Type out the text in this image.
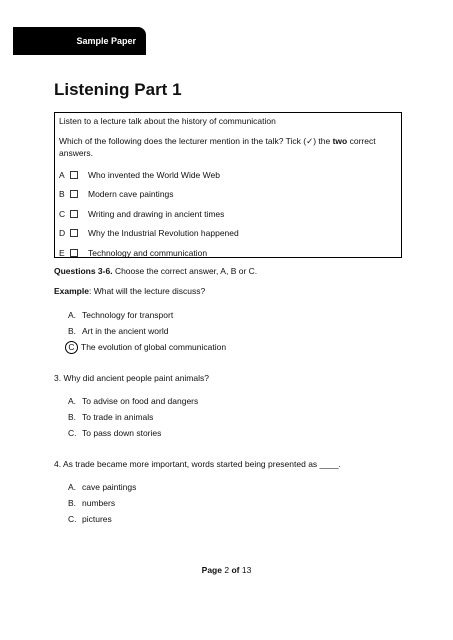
Sample Paper
Listening Part 1

Listen to a lecture talk about the history of communication

Which of the following does the lecturer mention in the talk? Tick (✓) the two correct answers.

A	Who invented the World Wide Web
B	Modern cave paintings
C	Writing and drawing in ancient times
D	Why the Industrial Revolution happened
E	Technology and communication
Questions 3-6. Choose the correct answer, A, B or C.
Example: What will the lecture discuss?
A. Technology for transport
B. Art in the ancient world
C The evolution of global communication
3. Why did ancient people paint animals?
A. To advise on food and dangers
B. To trade in animals
C. To pass down stories
4. As trade became more important, words started being presented as ____.
A. cave paintings
B. numbers
C. pictures
Page 2 of 13
